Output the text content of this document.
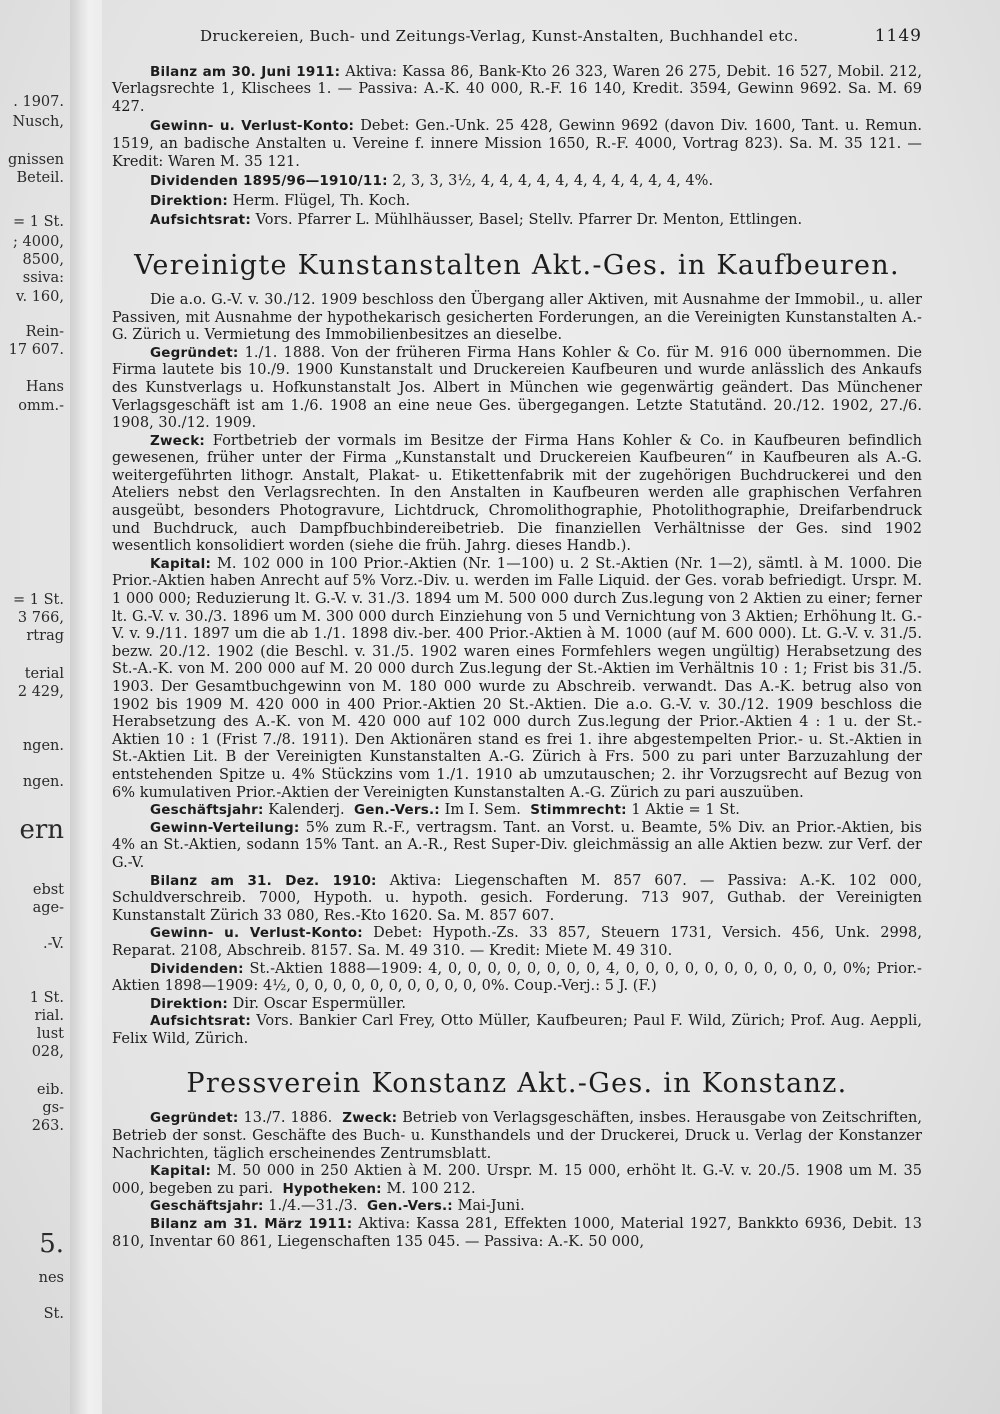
. 1907.
Nusch,
gnissen
Beteil.
= 1 St.
; 4000,
8500,
ssiva:
v. 160,
Rein-
17 607.
Hans
omm.-
= 1 St.
3 766,
rtrag
terial
2 429,
ngen.
ngen.
ern
ebst
age-
.-V.
1 St.
rial.
lust
028,
eib.
gs-
263.
5.
nes
St.
Druckereien, Buch- und Zeitungs-Verlag, Kunst-Anstalten, Buchhandel etc.	1149

Bilanz am 30. Juni 1911: Aktiva: Kassa 86, Bank-Kto 26 323, Waren 26 275, Debit. 16 527, Mobil. 212, Verlagsrechte 1, Klischees 1. — Passiva: A.-K. 40 000, R.-F. 16 140, Kredit. 3594, Gewinn 9692. Sa. M. 69 427.

Gewinn- u. Verlust-Konto: Debet: Gen.-Unk. 25 428, Gewinn 9692 (davon Div. 1600, Tant. u. Remun. 1519, an badische Anstalten u. Vereine f. innere Mission 1650, R.-F. 4000, Vortrag 823). Sa. M. 35 121. — Kredit: Waren M. 35 121.

Dividenden 1895/96—1910/11: 2, 3, 3, 3½, 4, 4, 4, 4, 4, 4, 4, 4, 4, 4, 4, 4%.

Direktion: Herm. Flügel, Th. Koch.

Aufsichtsrat: Vors. Pfarrer L. Mühlhäusser, Basel; Stellv. Pfarrer Dr. Menton, Ettlingen.

Vereinigte Kunstanstalten Akt.-Ges. in Kaufbeuren.

Die a.o. G.-V. v. 30./12. 1909 beschloss den Übergang aller Aktiven, mit Ausnahme der Immobil., u. aller Passiven, mit Ausnahme der hypothekarisch gesicherten Forderungen, an die Vereinigten Kunstanstalten A.-G. Zürich u. Vermietung des Immobilienbesitzes an dieselbe.

Gegründet: 1./1. 1888. Von der früheren Firma Hans Kohler & Co. für M. 916 000 übernommen. Die Firma lautete bis 10./9. 1900 Kunstanstalt und Druckereien Kaufbeuren und wurde anlässlich des Ankaufs des Kunstverlags u. Hofkunstanstalt Jos. Albert in München wie gegenwärtig geändert. Das Münchener Verlagsgeschäft ist am 1./6. 1908 an eine neue Ges. übergegangen. Letzte Statutänd. 20./12. 1902, 27./6. 1908, 30./12. 1909.

Zweck: Fortbetrieb der vormals im Besitze der Firma Hans Kohler & Co. in Kaufbeuren befindlich gewesenen, früher unter der Firma „Kunstanstalt und Druckereien Kaufbeuren“ in Kaufbeuren als A.-G. weitergeführten lithogr. Anstalt, Plakat- u. Etikettenfabrik mit der zugehörigen Buchdruckerei und den Ateliers nebst den Verlagsrechten. In den Anstalten in Kaufbeuren werden alle graphischen Verfahren ausgeübt, besonders Photogravure, Lichtdruck, Chromolithographie, Photolithographie, Dreifarbendruck und Buchdruck, auch Dampfbuchbindereibetrieb. Die finanziellen Verhältnisse der Ges. sind 1902 wesentlich konsolidiert worden (siehe die früh. Jahrg. dieses Handb.).

Kapital: M. 102 000 in 100 Prior.-Aktien (Nr. 1—100) u. 2 St.-Aktien (Nr. 1—2), sämtl. à M. 1000. Die Prior.-Aktien haben Anrecht auf 5% Vorz.-Div. u. werden im Falle Liquid. der Ges. vorab befriedigt. Urspr. M. 1 000 000; Reduzierung lt. G.-V. v. 31./3. 1894 um M. 500 000 durch Zus.legung von 2 Aktien zu einer; ferner lt. G.-V. v. 30./3. 1896 um M. 300 000 durch Einziehung von 5 und Vernichtung von 3 Aktien; Erhöhung lt. G.-V. v. 9./11. 1897 um die ab 1./1. 1898 div.-ber. 400 Prior.-Aktien à M. 1000 (auf M. 600 000). Lt. G.-V. v. 31./5. bezw. 20./12. 1902 (die Beschl. v. 31./5. 1902 waren eines Formfehlers wegen ungültig) Herabsetzung des St.-A.-K. von M. 200 000 auf M. 20 000 durch Zus.legung der St.-Aktien im Verhältnis 10 : 1; Frist bis 31./5. 1903. Der Gesamtbuchgewinn von M. 180 000 wurde zu Abschreib. verwandt. Das A.-K. betrug also von 1902 bis 1909 M. 420 000 in 400 Prior.-Aktien 20 St.-Aktien. Die a.o. G.-V. v. 30./12. 1909 beschloss die Herabsetzung des A.-K. von M. 420 000 auf 102 000 durch Zus.legung der Prior.-Aktien 4 : 1 u. der St.-Aktien 10 : 1 (Frist 7./8. 1911). Den Aktionären stand es frei 1. ihre abgestempelten Prior.- u. St.-Aktien in St.-Aktien Lit. B der Vereinigten Kunstanstalten A.-G. Zürich à Frs. 500 zu pari unter Barzuzahlung der entstehenden Spitze u. 4% Stückzins vom 1./1. 1910 ab umzutauschen; 2. ihr Vorzugsrecht auf Bezug von 6% kumulativen Prior.-Aktien der Vereinigten Kunstanstalten A.-G. Zürich zu pari auszuüben.

Geschäftsjahr: Kalenderj. Gen.-Vers.: Im I. Sem. Stimmrecht: 1 Aktie = 1 St.

Gewinn-Verteilung: 5% zum R.-F., vertragsm. Tant. an Vorst. u. Beamte, 5% Div. an Prior.-Aktien, bis 4% an St.-Aktien, sodann 15% Tant. an A.-R., Rest Super-Div. gleichmässig an alle Aktien bezw. zur Verf. der G.-V.

Bilanz am 31. Dez. 1910: Aktiva: Liegenschaften M. 857 607. — Passiva: A.-K. 102 000, Schuldverschreib. 7000, Hypoth. u. hypoth. gesich. Forderung. 713 907, Guthab. der Vereinigten Kunstanstalt Zürich 33 080, Res.-Kto 1620. Sa. M. 857 607.

Gewinn- u. Verlust-Konto: Debet: Hypoth.-Zs. 33 857, Steuern 1731, Versich. 456, Unk. 2998, Reparat. 2108, Abschreib. 8157. Sa. M. 49 310. — Kredit: Miete M. 49 310.

Dividenden: St.-Aktien 1888—1909: 4, 0, 0, 0, 0, 0, 0, 0, 0, 4, 0, 0, 0, 0, 0, 0, 0, 0, 0, 0, 0, 0%; Prior.-Aktien 1898—1909: 4½, 0, 0, 0, 0, 0, 0, 0, 0, 0, 0, 0%. Coup.-Verj.: 5 J. (F.)

Direktion: Dir. Oscar Espermüller.

Aufsichtsrat: Vors. Bankier Carl Frey, Otto Müller, Kaufbeuren; Paul F. Wild, Zürich; Prof. Aug. Aeppli, Felix Wild, Zürich.

Pressverein Konstanz Akt.-Ges. in Konstanz.

Gegründet: 13./7. 1886. Zweck: Betrieb von Verlagsgeschäften, insbes. Herausgabe von Zeitschriften, Betrieb der sonst. Geschäfte des Buch- u. Kunsthandels und der Druckerei, Druck u. Verlag der Konstanzer Nachrichten, täglich erscheinendes Zentrumsblatt.

Kapital: M. 50 000 in 250 Aktien à M. 200. Urspr. M. 15 000, erhöht lt. G.-V. v. 20./5. 1908 um M. 35 000, begeben zu pari. Hypotheken: M. 100 212.

Geschäftsjahr: 1./4.—31./3. Gen.-Vers.: Mai-Juni.

Bilanz am 31. März 1911: Aktiva: Kassa 281, Effekten 1000, Material 1927, Bankkto 6936, Debit. 13 810, Inventar 60 861, Liegenschaften 135 045. — Passiva: A.-K. 50 000,
